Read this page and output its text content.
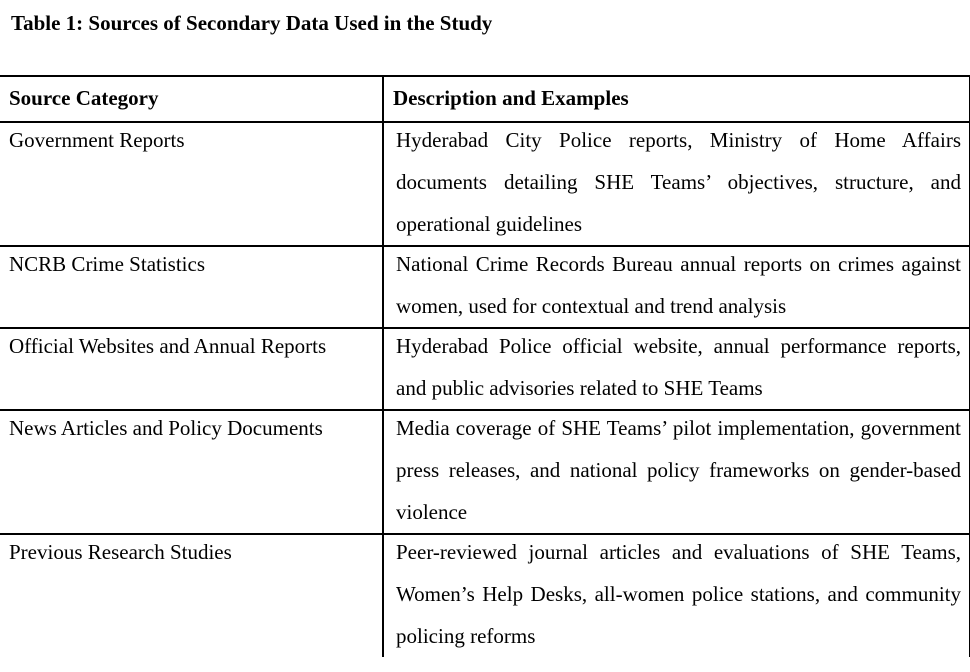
Table 1: Sources of Secondary Data Used in the Study
Source Category	Description and Examples

Government Reports	Hyderabad City Police reports, Ministry of Home Affairs documents detailing SHE Teams’ objectives, structure, and operational guidelines

NCRB Crime Statistics	National Crime Records Bureau annual reports on crimes against women, used for contextual and trend analysis

Official Websites and Annual Reports	Hyderabad Police official website, annual performance reports, and public advisories related to SHE Teams

News Articles and Policy Documents	Media coverage of SHE Teams’ pilot implementation, government press releases, and national policy frameworks on gender-based violence

Previous Research Studies	Peer-reviewed journal articles and evaluations of SHE Teams, Women’s Help Desks, all-women police stations, and community policing reforms
